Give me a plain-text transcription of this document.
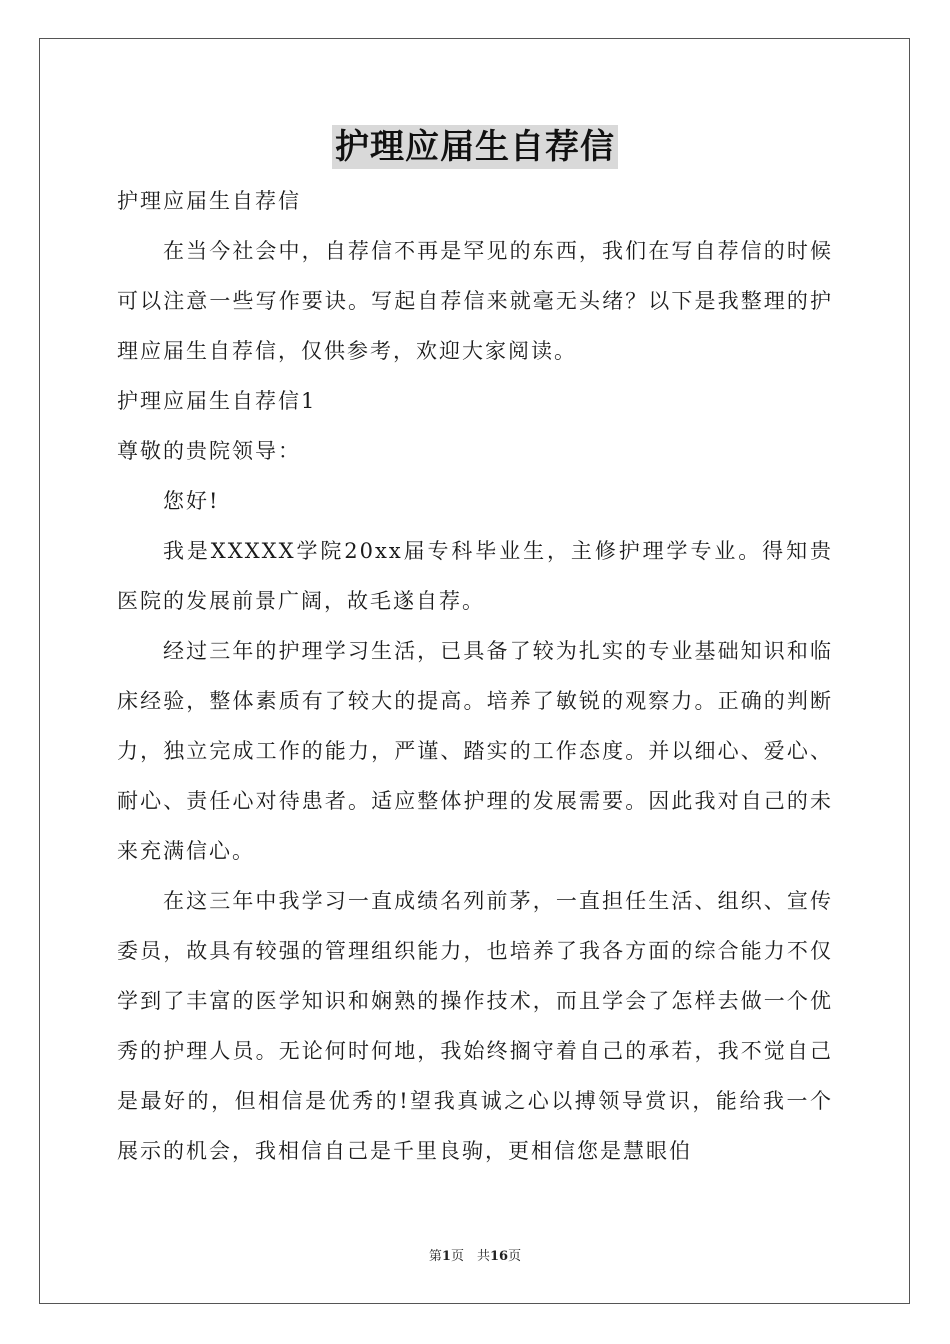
护理应届生自荐信

护理应届生自荐信

在当今社会中，自荐信不再是罕见的东西，我们在写自荐信的时候可以注意一些写作要诀。写起自荐信来就毫无头绪？以下是我整理的护理应届生自荐信，仅供参考，欢迎大家阅读。

护理应届生自荐信1

尊敬的贵院领导：

您好!

我是XXXXX学院20xx届专科毕业生，主修护理学专业。得知贵医院的发展前景广阔，故毛遂自荐。

经过三年的护理学习生活，已具备了较为扎实的专业基础知识和临床经验，整体素质有了较大的提高。培养了敏锐的观察力。正确的判断力，独立完成工作的能力，严谨、踏实的工作态度。并以细心、爱心、耐心、责任心对待患者。适应整体护理的发展需要。因此我对自己的未来充满信心。

在这三年中我学习一直成绩名列前茅，一直担任生活、组织、宣传委员，故具有较强的管理组织能力，也培养了我各方面的综合能力不仅学到了丰富的医学知识和娴熟的操作技术，而且学会了怎样去做一个优秀的护理人员。无论何时何地，我始终搁守着自己的承若，我不觉自己是最好的，但相信是优秀的!望我真诚之心以搏领导赏识，能给我一个展示的机会，我相信自己是千里良驹，更相信您是慧眼伯

第1页　共16页
